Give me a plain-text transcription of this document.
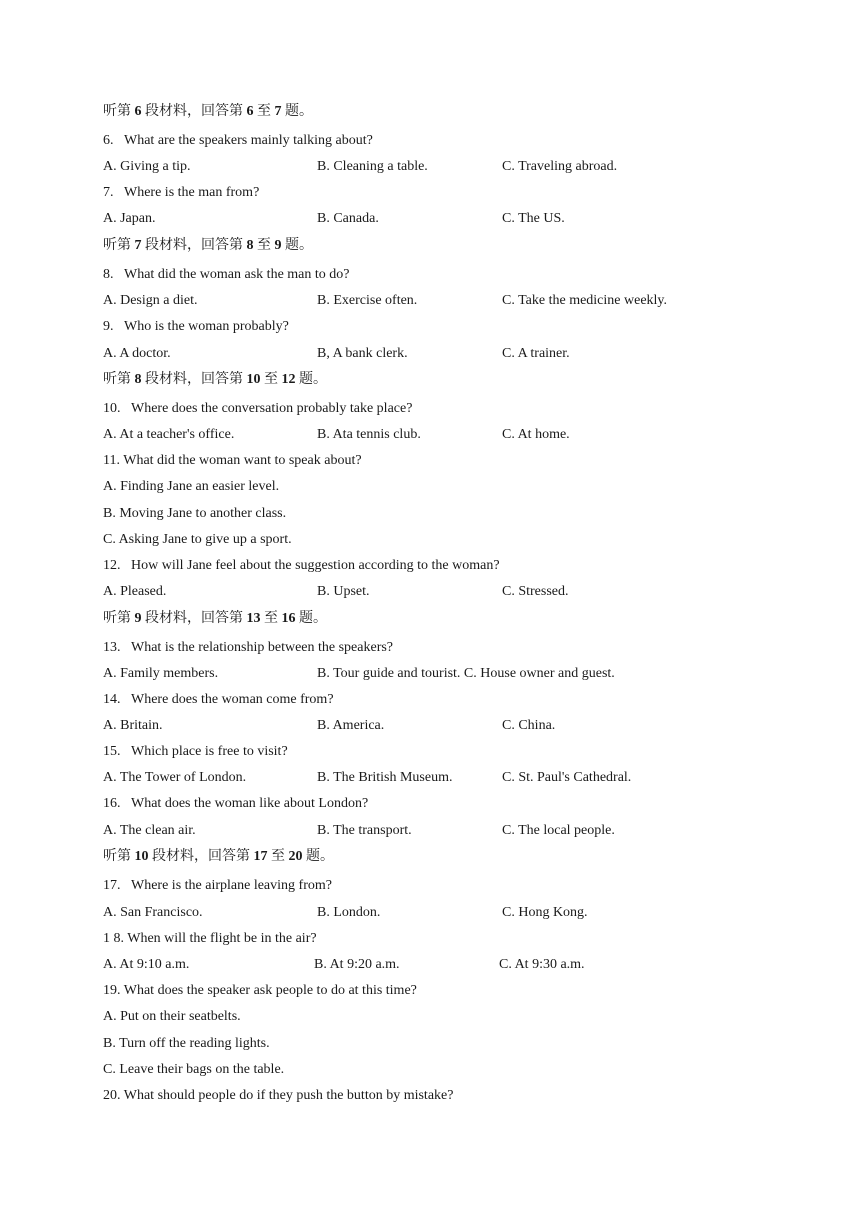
听第 6 段材料，回答第 6 至 7 题。
6.   What are the speakers mainly talking about?
A. Giving a tip.	B. Cleaning a table.	C. Traveling abroad.
7.   Where is the man from?
A. Japan.	B. Canada.	C. The US.
听第 7 段材料，回答第 8 至 9 题。
8.   What did the woman ask the man to do?
A. Design a diet.	B. Exercise often.	C. Take the medicine weekly.
9.   Who is the woman probably?
A. A doctor.	B, A bank clerk.	C. A trainer.
听第 8 段材料，回答第 10 至 12 题。
10.   Where does the conversation probably take place?
A. At a teacher's office.	B. Ata tennis club.	C. At home.
11. What did the woman want to speak about?
A. Finding Jane an easier level.
B. Moving Jane to another class.
C. Asking Jane to give up a sport.
12.   How will Jane feel about the suggestion according to the woman?
A. Pleased.	B. Upset.	C. Stressed.
听第 9 段材料，回答第 13 至 16 题。
13.   What is the relationship between the speakers?
A. Family members.	B. Tour guide and tourist. C. House owner and guest.
14.   Where does the woman come from?
A. Britain.	B. America.	C. China.
15.   Which place is free to visit?
A. The Tower of London.	B. The British Museum.	C. St. Paul's Cathedral.
16.   What does the woman like about London?
A. The clean air.	B. The transport.	C. The local people.
听第 10 段材料，回答第 17 至 20 题。
17.   Where is the airplane leaving from?
A. San Francisco.	B. London.	C. Hong Kong.
1 8. When will the flight be in the air?
A. At 9:10 a.m.	B. At 9:20 a.m.	C. At 9:30 a.m.
19. What does the speaker ask people to do at this time?
A. Put on their seatbelts.
B. Turn off the reading lights.
C. Leave their bags on the table.
20. What should people do if they push the button by mistake?
